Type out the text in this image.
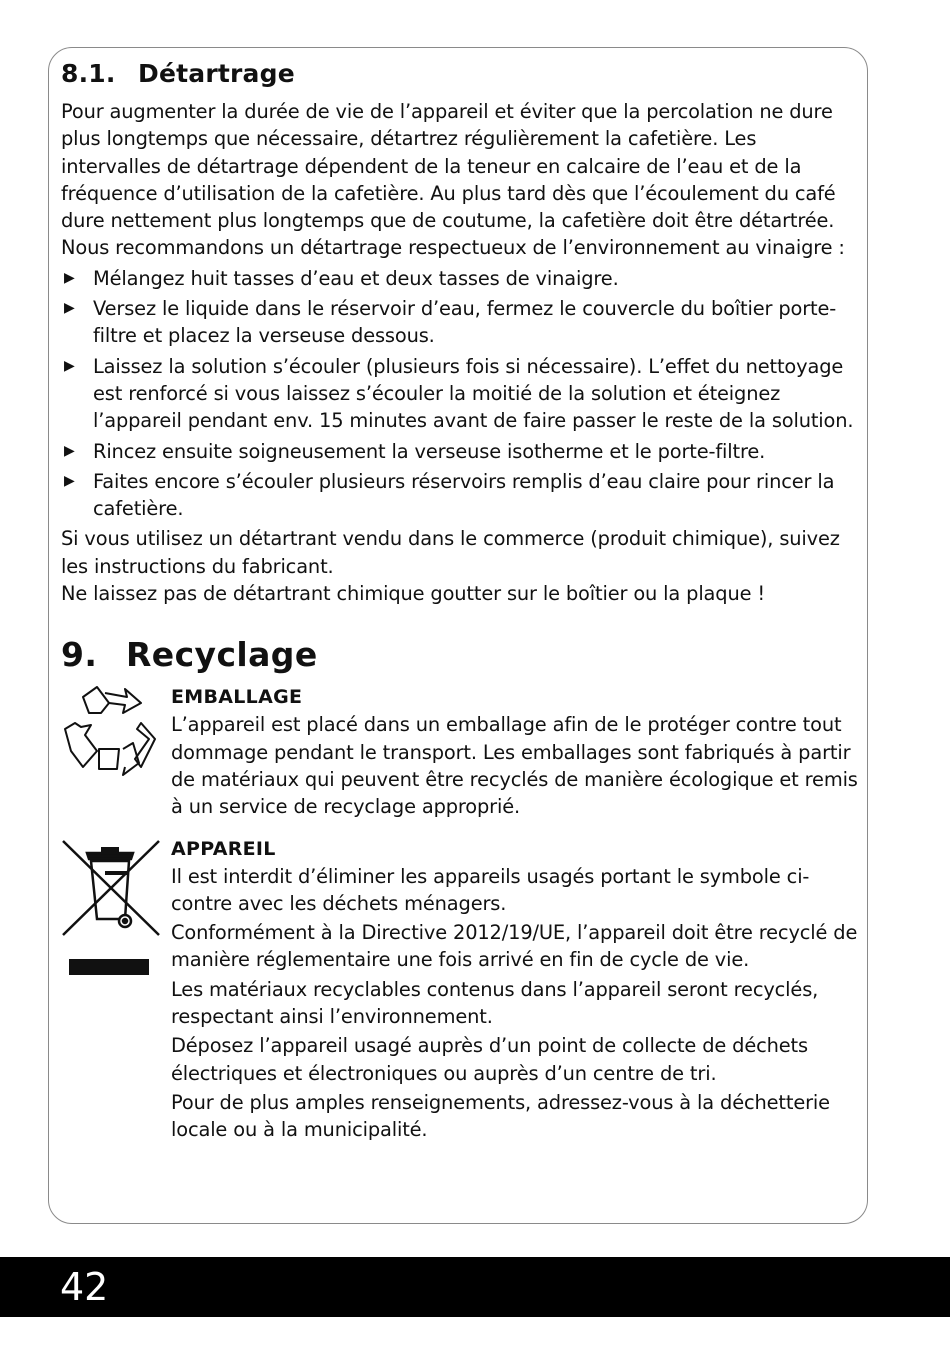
8.1. Détartrage

Pour augmenter la durée de vie de l’appareil et éviter que la percolation ne dure plus longtemps que nécessaire, détartrez régulièrement la cafetière. Les intervalles de détartrage dépendent de la teneur en calcaire de l’eau et de la fréquence d’utilisation de la cafetière. Au plus tard dès que l’écoulement du café dure nettement plus longtemps que de coutume, la cafetière doit être détartrée. Nous recommandons un détartrage respectueux de l’environnement au vinaigre :

▶ Mélangez huit tasses d’eau et deux tasses de vinaigre.
▶ Versez le liquide dans le réservoir d’eau, fermez le couvercle du boîtier porte-filtre et placez la verseuse dessous.
▶ Laissez la solution s’écouler (plusieurs fois si nécessaire). L’effet du nettoyage est renforcé si vous laissez s’écouler la moitié de la solution et éteignez l’appareil pendant env. 15 minutes avant de faire passer le reste de la solution.
▶ Rincez ensuite soigneusement la verseuse isotherme et le porte-filtre.
▶ Faites encore s’écouler plusieurs réservoirs remplis d’eau claire pour rincer la cafetière.

Si vous utilisez un détartrant vendu dans le commerce (produit chimique), suivez les instructions du fabricant.

Ne laissez pas de détartrant chimique goutter sur le boîtier ou la plaque !

9. Recyclage
EMBALLAGE

L’appareil est placé dans un emballage afin de le protéger contre tout dommage pendant le transport. Les emballages sont fabriqués à partir de matériaux qui peuvent être recyclés de manière écologique et remis à un service de recyclage approprié.

APPAREIL

Il est interdit d’éliminer les appareils usagés portant le symbole ci-contre avec les déchets ménagers.

Conformément à la Directive 2012/19/UE, l’appareil doit être recyclé de manière réglementaire une fois arrivé en fin de cycle de vie.

Les matériaux recyclables contenus dans l’appareil seront recyclés, respectant ainsi l’environnement.

Déposez l’appareil usagé auprès d’un point de collecte de déchets électriques et électroniques ou auprès d’un centre de tri.

Pour de plus amples renseignements, adressez-vous à la déchetterie locale ou à la municipalité.

42
